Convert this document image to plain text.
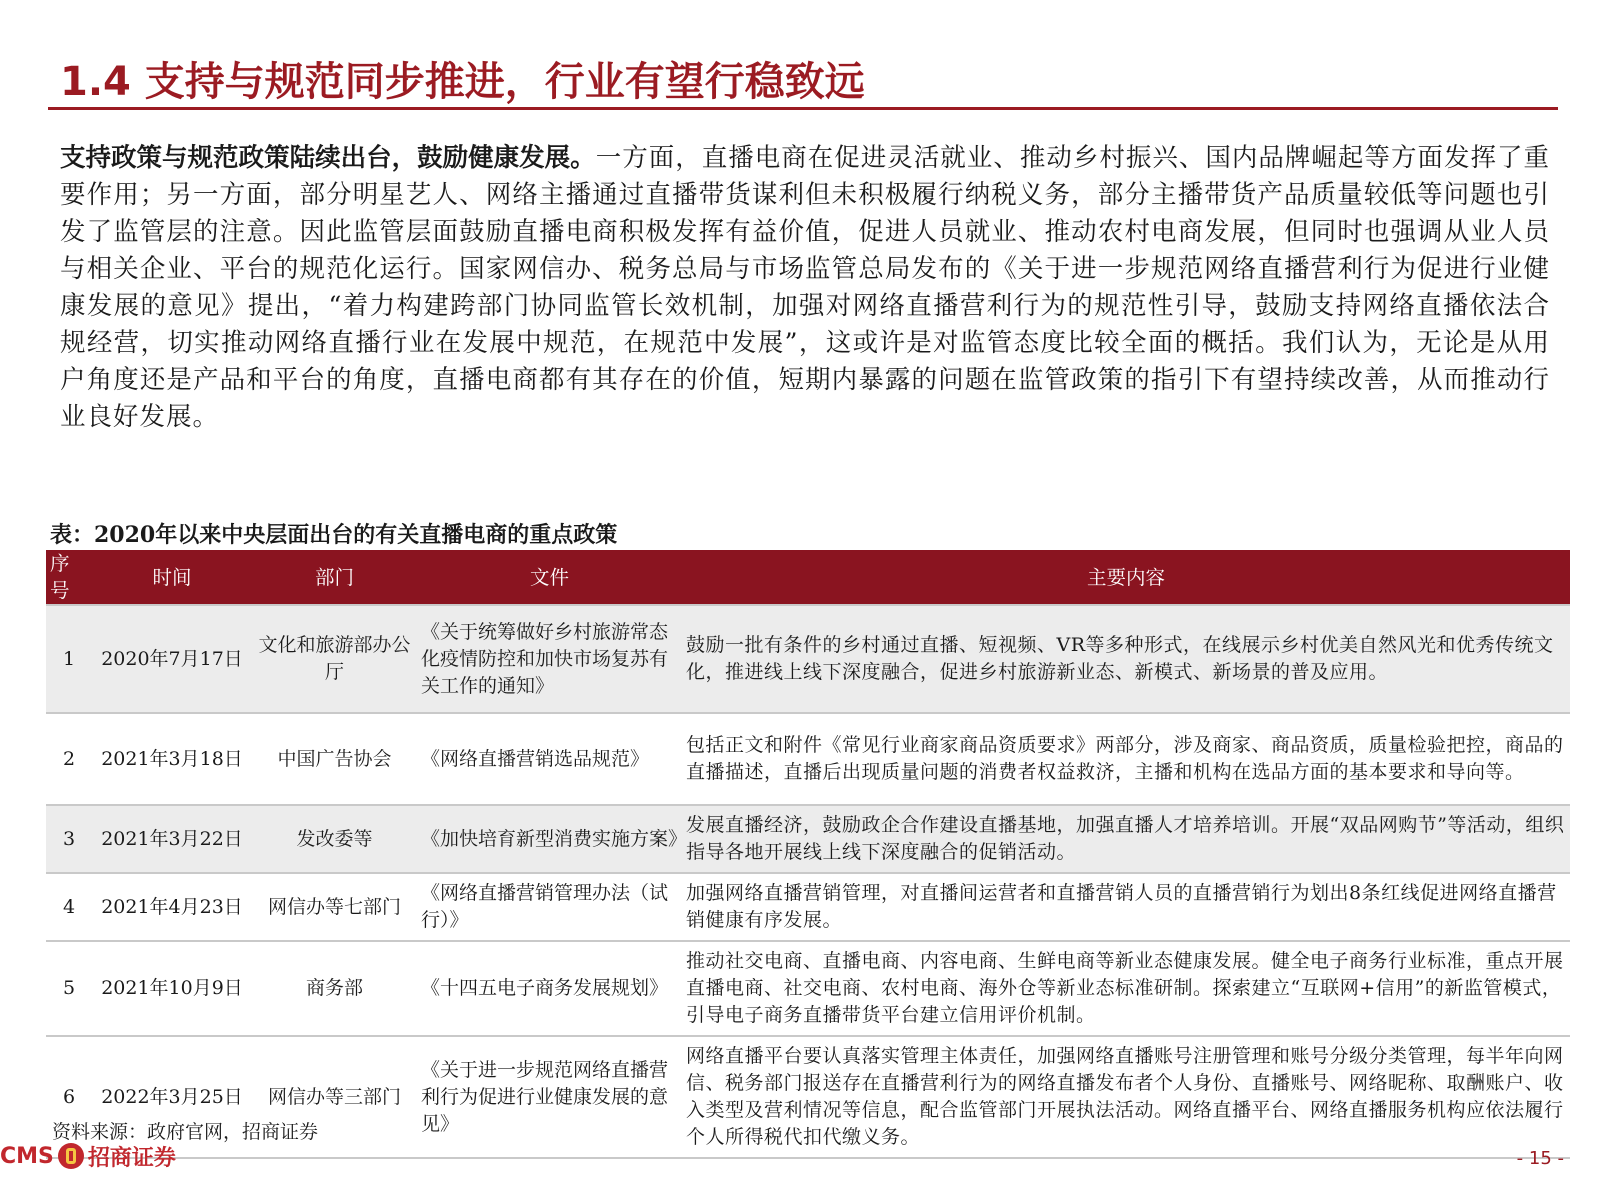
1.4 支持与规范同步推进，行业有望行稳致远

支持政策与规范政策陆续出台，鼓励健康发展。一方面，直播电商在促进灵活就业、推动乡村振兴、国内品牌崛起等方面发挥了重要作用；另一方面，部分明星艺人、网络主播通过直播带货谋利但未积极履行纳税义务，部分主播带货产品质量较低等问题也引发了监管层的注意。因此监管层面鼓励直播电商积极发挥有益价值，促进人员就业、推动农村电商发展，但同时也强调从业人员与相关企业、平台的规范化运行。国家网信办、税务总局与市场监管总局发布的《关于进一步规范网络直播营利行为促进行业健康发展的意见》提出，“着力构建跨部门协同监管长效机制，加强对网络直播营利行为的规范性引导，鼓励支持网络直播依法合规经营，切实推动网络直播行业在发展中规范，在规范中发展”，这或许是对监管态度比较全面的概括。我们认为，无论是从用户角度还是产品和平台的角度，直播电商都有其存在的价值，短期内暴露的问题在监管政策的指引下有望持续改善，从而推动行业良好发展。

表：2020年以来中央层面出台的有关直播电商的重点政策

序号	时间	部门	文件	主要内容
1	2020年7月17日	文化和旅游部办公厅	《关于统筹做好乡村旅游常态化疫情防控和加快市场复苏有关工作的通知》	鼓励一批有条件的乡村通过直播、短视频、VR等多种形式，在线展示乡村优美自然风光和优秀传统文化，推进线上线下深度融合，促进乡村旅游新业态、新模式、新场景的普及应用。
2	2021年3月18日	中国广告协会	《网络直播营销选品规范》	包括正文和附件《常见行业商家商品资质要求》两部分，涉及商家、商品资质，质量检验把控，商品的直播描述，直播后出现质量问题的消费者权益救济，主播和机构在选品方面的基本要求和导向等。
3	2021年3月22日	发改委等	《加快培育新型消费实施方案》	发展直播经济，鼓励政企合作建设直播基地，加强直播人才培养培训。开展“双品网购节”等活动，组织指导各地开展线上线下深度融合的促销活动。
4	2021年4月23日	网信办等七部门	《网络直播营销管理办法（试行）》	加强网络直播营销管理，对直播间运营者和直播营销人员的直播营销行为划出8条红线促进网络直播营销健康有序发展。
5	2021年10月9日	商务部	《十四五电子商务发展规划》	推动社交电商、直播电商、内容电商、生鲜电商等新业态健康发展。健全电子商务行业标准，重点开展直播电商、社交电商、农村电商、海外仓等新业态标准研制。探索建立“互联网+信用”的新监管模式，引导电子商务直播带货平台建立信用评价机制。
6	2022年3月25日	网信办等三部门	《关于进一步规范网络直播营利行为促进行业健康发展的意见》	网络直播平台要认真落实管理主体责任，加强网络直播账号注册管理和账号分级分类管理，每半年向网信、税务部门报送存在直播营利行为的网络直播发布者个人身份、直播账号、网络昵称、取酬账户、收入类型及营利情况等信息，配合监管部门开展执法活动。网络直播平台、网络直播服务机构应依法履行个人所得税代扣代缴义务。

资料来源：政府官网，招商证券

CMS 招商证券	- 15 -
